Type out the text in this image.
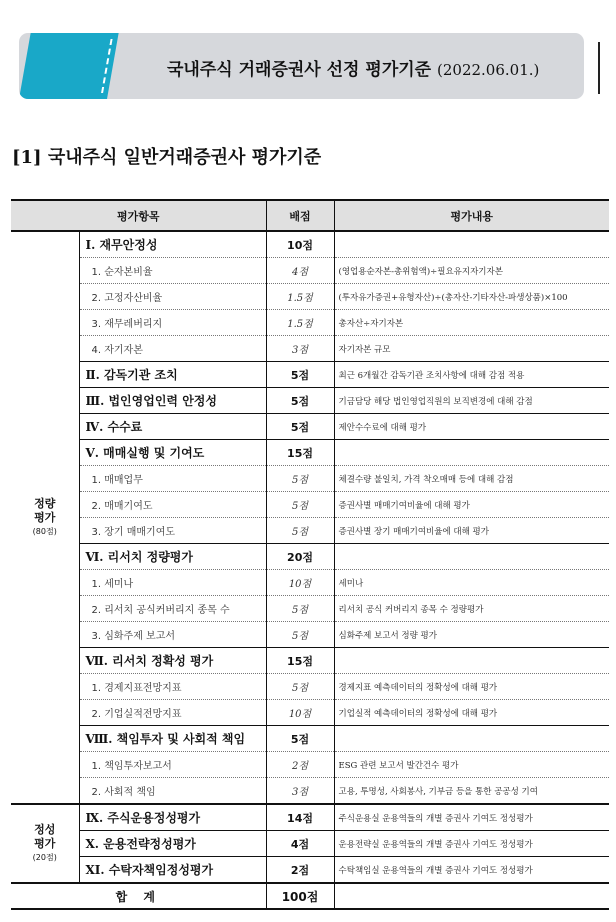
국내주식 거래증권사 선정 평가기준 (2022.06.01.)
[1] 국내주식 일반거래증권사 평가기준
평가항목		배점	평가내용

정량
평가
(80점)	Ⅰ. 재무안정성	10점	
	1. 순자본비율	4점	(영업용순자본-총위험액)÷필요유지자기자본
	2. 고정자산비율	1.5점	(투자유가증권+유형자산)÷(총자산-기타자산-파생상품)×100
	3. 재무레버리지	1.5점	총자산÷자기자본
	4. 자기자본	3점	자기자본 규모
	Ⅱ. 감독기관 조치	5점	최근 6개월간 감독기관 조치사항에 대해 감점 적용
	Ⅲ. 법인영업인력 안정성	5점	기금담당 해당 법인영업직원의 보직변경에 대해 감점
	Ⅳ. 수수료	5점	제안수수료에 대해 평가
	Ⅴ. 매매실행 및 기여도	15점	
	1. 매매업무	5점	체결수량 불일치, 가격 착오매매 등에 대해 감점
	2. 매매기여도	5점	증권사별 매매기여비율에 대해 평가
	3. 장기 매매기여도	5점	증권사별 장기 매매기여비율에 대해 평가
	Ⅵ. 리서치 정량평가	20점	
	1. 세미나	10점	세미나
	2. 리서치 공식커버리지 종목 수	5점	리서치 공식 커버리지 종목 수 정량평가
	3. 심화주제 보고서	5점	심화주제 보고서 정량 평가
	Ⅶ. 리서치 정확성 평가	15점	
	1. 경제지표전망지표	5점	경제지표 예측데이터의 정확성에 대해 평가
	2. 기업실적전망지표	10점	기업실적 예측데이터의 정확성에 대해 평가
	Ⅷ. 책임투자 및 사회적 책임	5점	
	1. 책임투자보고서	2점	ESG 관련 보고서 발간건수 평가
	2. 사회적 책임	3점	고용, 투명성, 사회봉사, 기부금 등을 통한 공공성 기여

정성
평가
(20점)	Ⅸ. 주식운용정성평가	14점	주식운용실 운용역들의 개별 증권사 기여도 정성평가
	Ⅹ. 운용전략정성평가	4점	운용전략실 운용역들의 개별 증권사 기여도 정성평가
	XI. 수탁자책임정성평가	2점	수탁책임실 운용역들의 개별 증권사 기여도 정성평가
합 계		100점	
